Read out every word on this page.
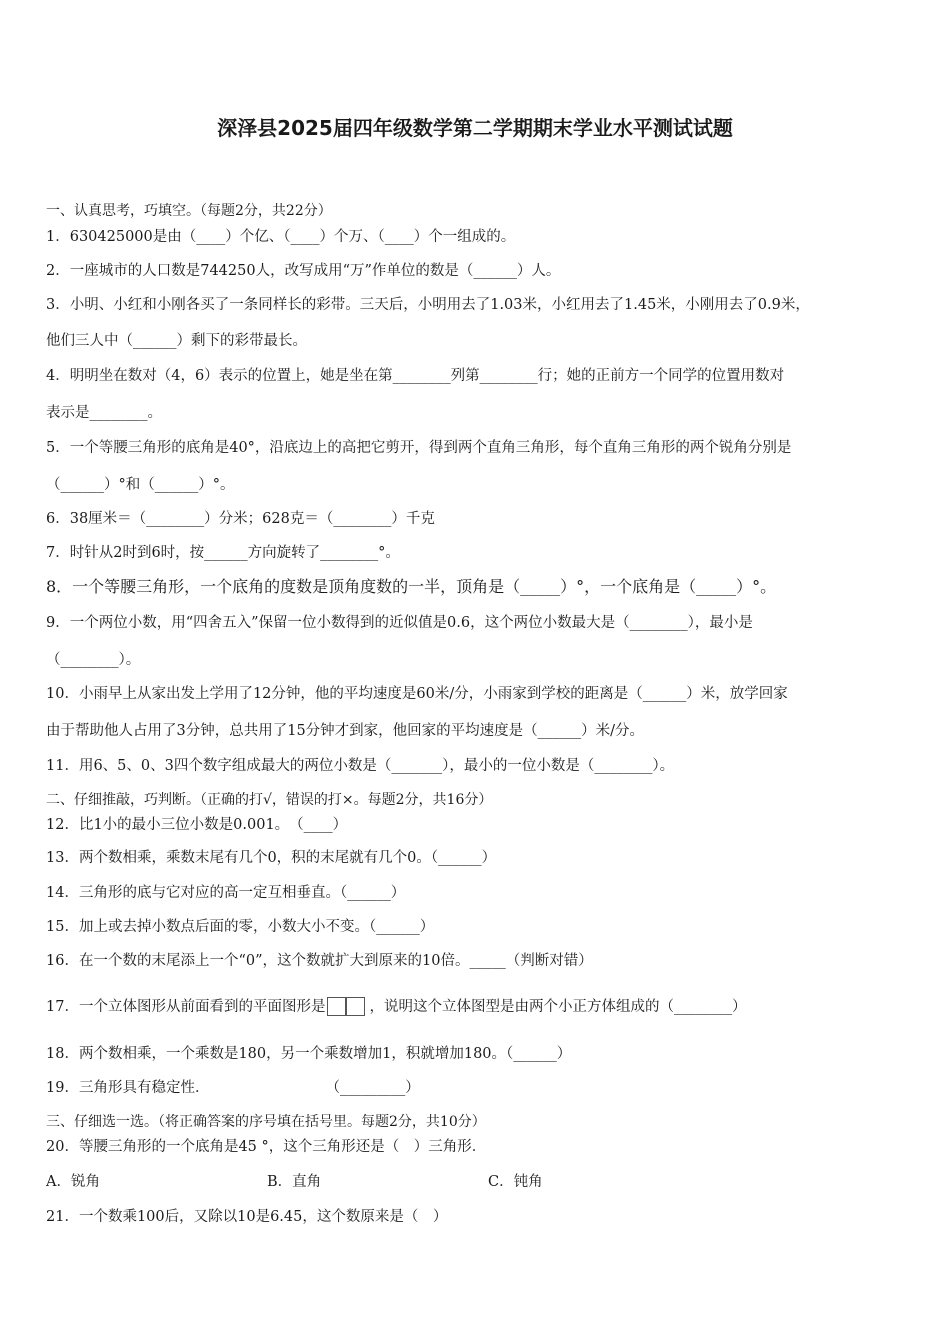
深泽县2025届四年级数学第二学期期末学业水平测试试题
一、认真思考，巧填空。（每题2分，共22分）
1．630425000是由（____）个亿、（____）个万、（____）个一组成的。
2．一座城市的人口数是744250人，改写成用“万”作单位的数是（______）人。
3．小明、小红和小刚各买了一条同样长的彩带。三天后，小明用去了1.03米，小红用去了1.45米，小刚用去了0.9米，
他们三人中（______）剩下的彩带最长。
4．明明坐在数对（4，6）表示的位置上，她是坐在第________列第________行；她的正前方一个同学的位置用数对
表示是________。
5．一个等腰三角形的底角是40°，沿底边上的高把它剪开，得到两个直角三角形，每个直角三角形的两个锐角分别是
（______）°和（______）°。
6．38厘米＝（________）分米；628克＝（________）千克
7．时针从2时到6时，按______方向旋转了________°。
8．一个等腰三角形，一个底角的度数是顶角度数的一半，顶角是（_____）°，一个底角是（_____）°。
9．一个两位小数，用“四舍五入”保留一位小数得到的近似值是0.6，这个两位小数最大是（________），最小是
（________）。
10．小雨早上从家出发上学用了12分钟，他的平均速度是60米/分，小雨家到学校的距离是（______）米，放学回家
由于帮助他人占用了3分钟，总共用了15分钟才到家，他回家的平均速度是（______）米/分。
11．用6、5、0、3四个数字组成最大的两位小数是（_______），最小的一位小数是（________）。
二、仔细推敲，巧判断。（正确的打√，错误的打×。每题2分，共16分）
12．比1小的最小三位小数是0.001。　（____）
13．两个数相乘，乘数末尾有几个0，积的末尾就有几个0。（______）
14．三角形的底与它对应的高一定互相垂直。（______）
15．加上或去掉小数点后面的零，小数大小不变。（______）
16．在一个数的末尾添上一个“0”，这个数就扩大到原来的10倍。_____（判断对错）
17．一个立体图形从前面看到的平面图形是	，说明这个立体图型是由两个小正方体组成的（________）
18．两个数相乘，一个乘数是180，另一个乘数增加1，积就增加180。（______）
19．三角形具有稳定性．　　　　　　　　　（_________）
三、仔细选一选。（将正确答案的序号填在括号里。每题2分，共10分）
20．等腰三角形的一个底角是45 °，这个三角形还是（　）三角形．
A．锐角	B．直角	C．钝角
21．一个数乘100后，又除以10是6.45，这个数原来是（　）
